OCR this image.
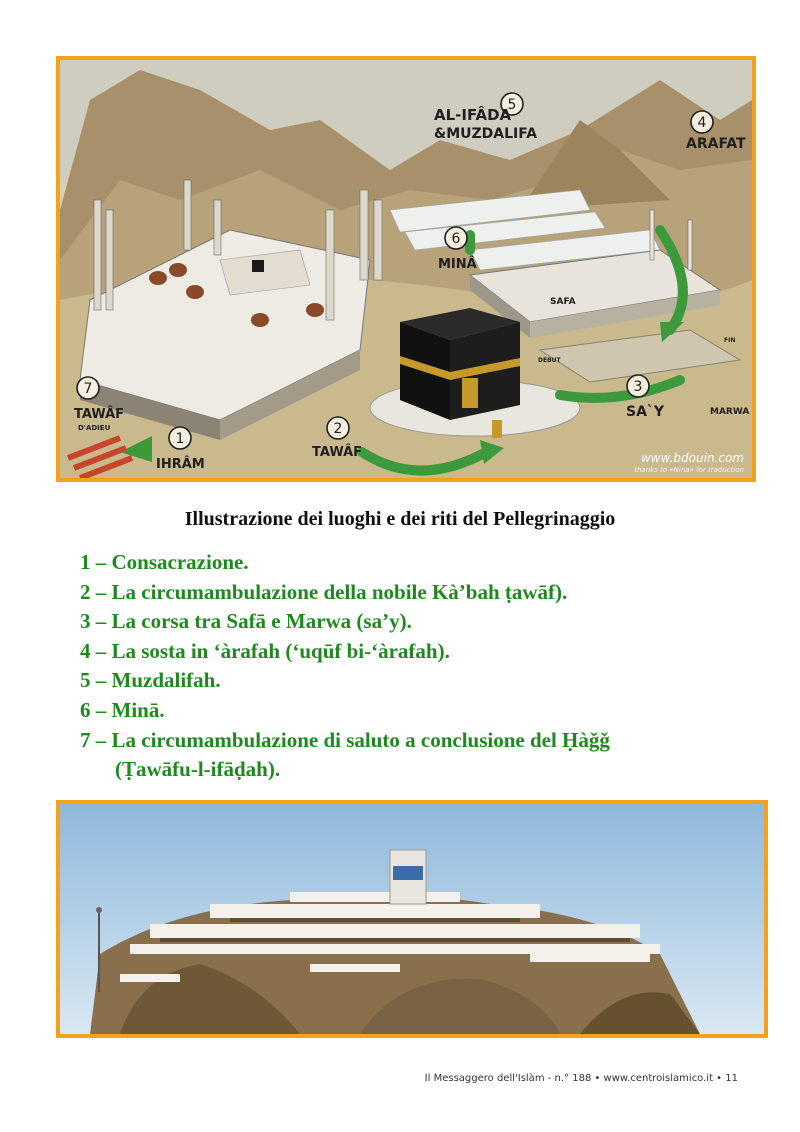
1
2
3
4
5
6
7
AL-IFÂDA
&MUZDALIFA
ARAFAT
MINÂ
SAFA
SA`Y	MARWA
TAWÂF
D'ADIEU
IHRÂM
TAWÂF
DÉBUT
FIN
www.bdouin.com
thanks to «Nina» for traduction
Illustrazione dei luoghi e dei riti del Pellegrinaggio
1 – Consacrazione.
2 – La circumambulazione della nobile Kà’bah ṭawāf).
3 – La corsa tra Safā e Marwa (sa’y).
4 – La sosta in ‘àrafah (‘uqūf bi-‘àrafah).
5 – Muzdalifah.
6 – Minā.
7 – La circumambulazione di saluto a conclusione del Ḥàǧǧ
(Ṭawāfu-l-ifāḍah).
Il Messaggero dell'Islàm - n.° 188 • www.centroislamico.it • 11
